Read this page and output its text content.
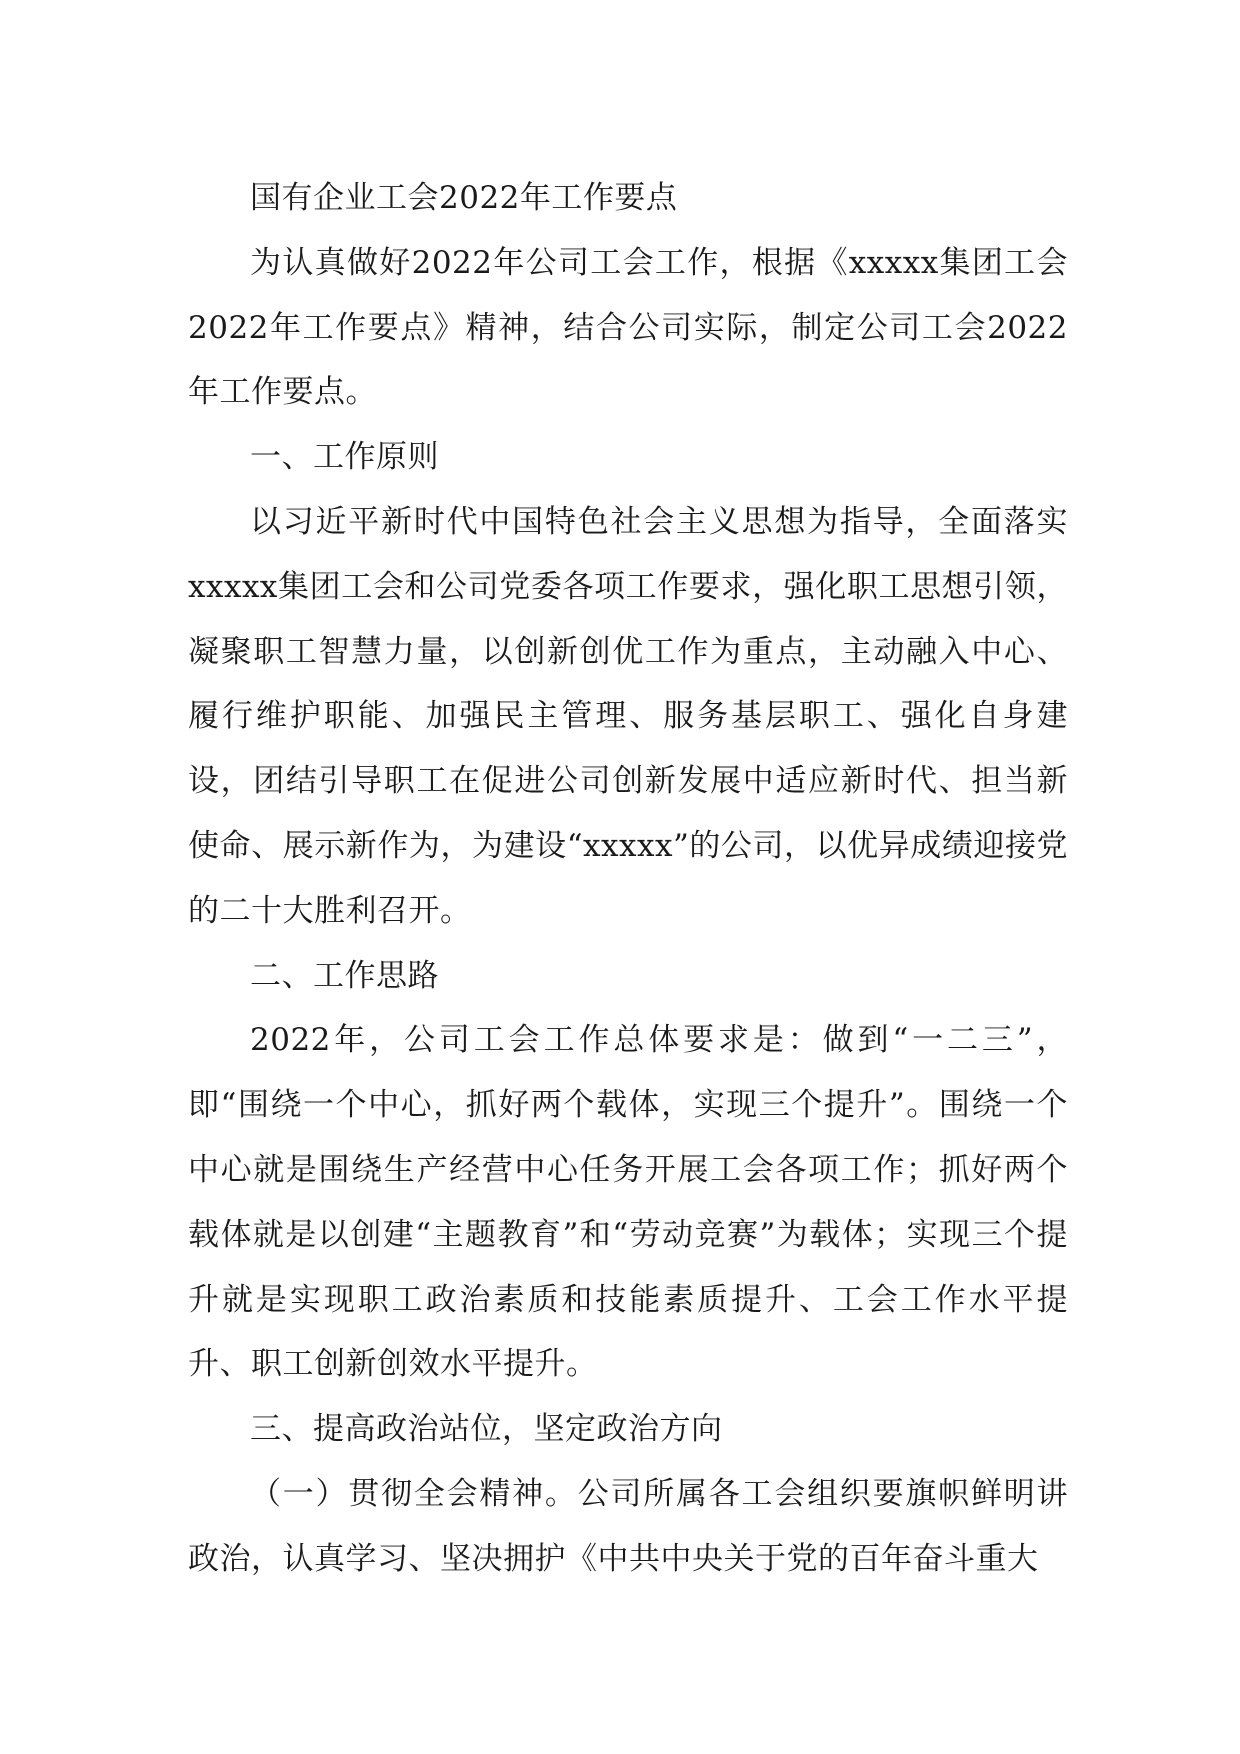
国有企业工会2022年工作要点

为认真做好2022年公司工会工作，根据《xxxxx集团工会2022年工作要点》精神，结合公司实际，制定公司工会2022年工作要点。

一、工作原则

以习近平新时代中国特色社会主义思想为指导，全面落实xxxxx集团工会和公司党委各项工作要求，强化职工思想引领，凝聚职工智慧力量，以创新创优工作为重点，主动融入中心、履行维护职能、加强民主管理、服务基层职工、强化自身建设，团结引导职工在促进公司创新发展中适应新时代、担当新使命、展示新作为，为建设“xxxxx”的公司，以优异成绩迎接党的二十大胜利召开。

二、工作思路

2022年，公司工会工作总体要求是：做到“一二三”，即“围绕一个中心，抓好两个载体，实现三个提升”。围绕一个中心就是围绕生产经营中心任务开展工会各项工作；抓好两个载体就是以创建“主题教育”和“劳动竞赛”为载体；实现三个提升就是实现职工政治素质和技能素质提升、工会工作水平提升、职工创新创效水平提升。

三、提高政治站位，坚定政治方向

（一）贯彻全会精神。公司所属各工会组织要旗帜鲜明讲政治，认真学习、坚决拥护《中共中央关于党的百年奋斗重大
